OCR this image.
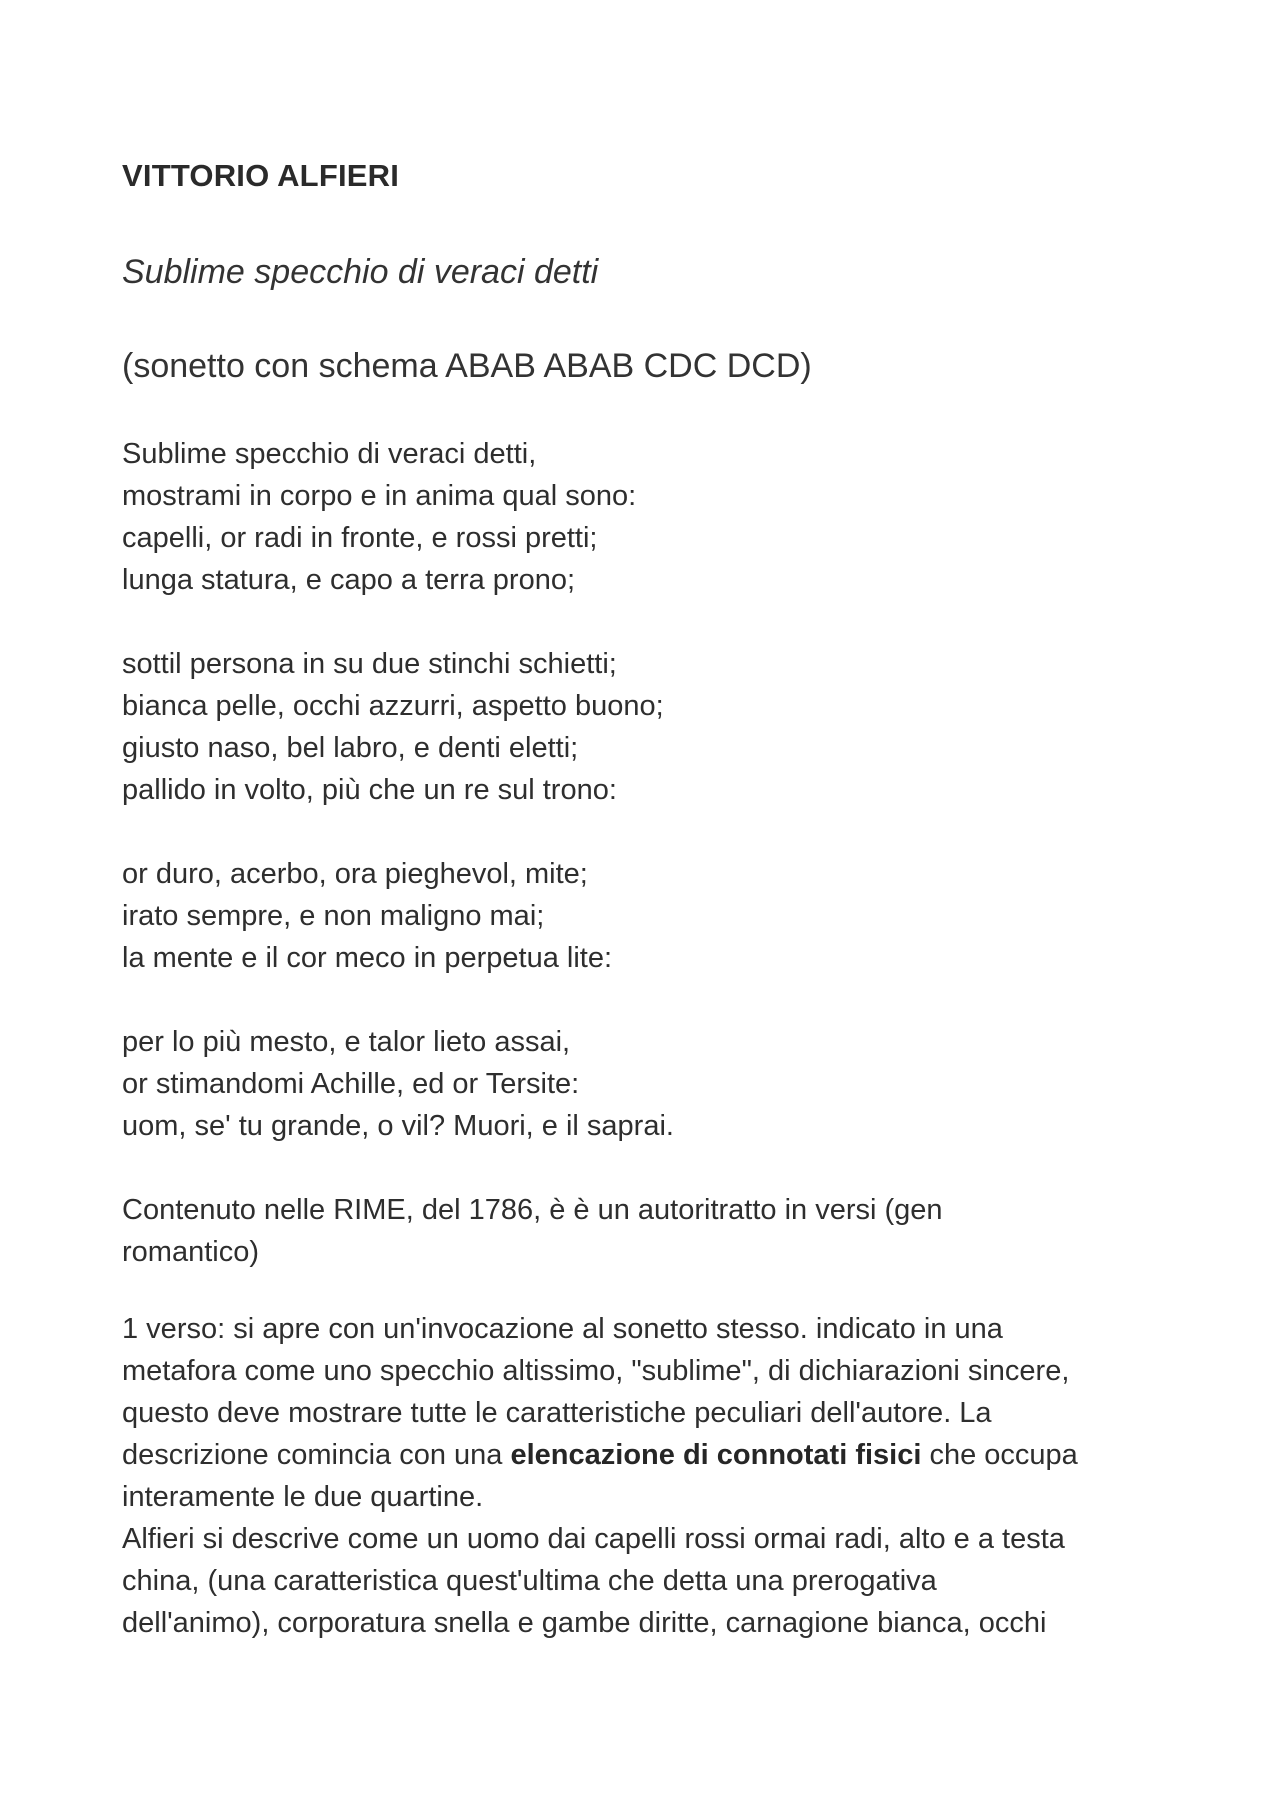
VITTORIO ALFIERI
Sublime specchio di veraci detti
(sonetto con schema ABAB ABAB CDC DCD)
Sublime specchio di veraci detti,
mostrami in corpo e in anima qual sono:
capelli, or radi in fronte, e rossi pretti;
lunga statura, e capo a terra prono;
sottil persona in su due stinchi schietti;
bianca pelle, occhi azzurri, aspetto buono;
giusto naso, bel labro, e denti eletti;
pallido in volto, più che un re sul trono:
or duro, acerbo, ora pieghevol, mite;
irato sempre, e non maligno mai;
la mente e il cor meco in perpetua lite:
per lo più mesto, e talor lieto assai,
or stimandomi Achille, ed or Tersite:
uom, se' tu grande, o vil? Muori, e il saprai.
Contenuto nelle RIME, del 1786, è è un autoritratto in versi (gen
romantico)
1 verso: si apre con un'invocazione al sonetto stesso. indicato in una
metafora come uno specchio altissimo, "sublime", di dichiarazioni sincere,
questo deve mostrare tutte le caratteristiche peculiari dell'autore. La
descrizione comincia con una elencazione di connotati fisici che occupa
interamente le due quartine.
Alfieri si descrive come un uomo dai capelli rossi ormai radi, alto e a testa
china, (una caratteristica quest'ultima che detta una prerogativa
dell'animo), corporatura snella e gambe diritte, carnagione bianca, occhi
